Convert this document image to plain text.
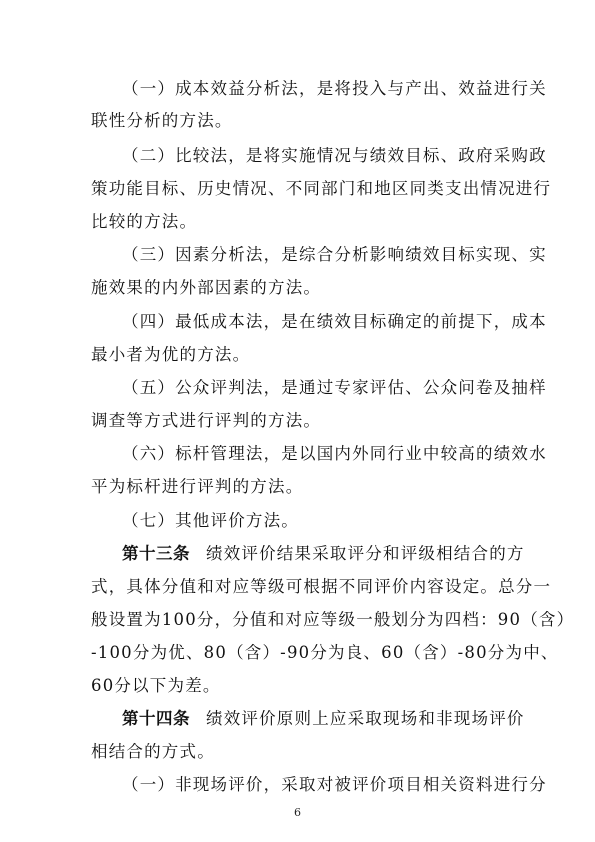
（一）成本效益分析法，是将投入与产出、效益进行关
联性分析的方法。
（二）比较法，是将实施情况与绩效目标、政府采购政
策功能目标、历史情况、不同部门和地区同类支出情况进行
比较的方法。
（三）因素分析法，是综合分析影响绩效目标实现、实
施效果的内外部因素的方法。
（四）最低成本法，是在绩效目标确定的前提下，成本
最小者为优的方法。
（五）公众评判法，是通过专家评估、公众问卷及抽样
调查等方式进行评判的方法。
（六）标杆管理法，是以国内外同行业中较高的绩效水
平为标杆进行评判的方法。
（七）其他评价方法。
第十三条 绩效评价结果采取评分和评级相结合的方
式，具体分值和对应等级可根据不同评价内容设定。总分一
般设置为100分，分值和对应等级一般划分为四档：90（含）
-100分为优、80（含）-90分为良、60（含）-80分为中、
60分以下为差。
第十四条 绩效评价原则上应采取现场和非现场评价
相结合的方式。
（一）非现场评价，采取对被评价项目相关资料进行分
6
